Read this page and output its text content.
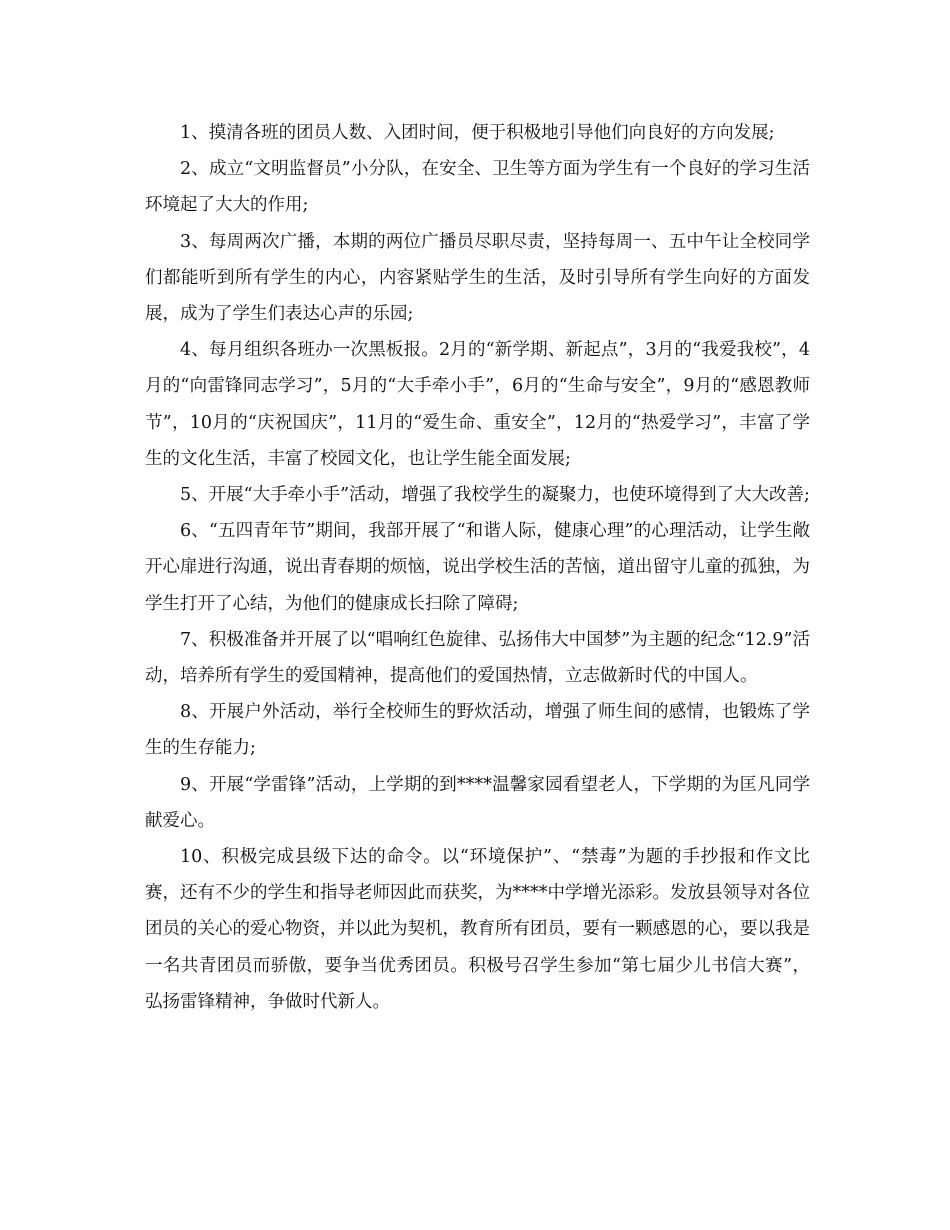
1、摸清各班的团员人数、入团时间，便于积极地引导他们向良好的方向发展;

2、成立“文明监督员”小分队，在安全、卫生等方面为学生有一个良好的学习生活环境起了大大的作用;

3、每周两次广播，本期的两位广播员尽职尽责，坚持每周一、五中午让全校同学们都能听到所有学生的内心，内容紧贴学生的生活，及时引导所有学生向好的方面发展，成为了学生们表达心声的乐园;

4、每月组织各班办一次黑板报。2月的“新学期、新起点”，3月的“我爱我校”，4月的“向雷锋同志学习”，5月的“大手牵小手”，6月的“生命与安全”，9月的“感恩教师节”，10月的“庆祝国庆”，11月的“爱生命、重安全”，12月的“热爱学习”，丰富了学生的文化生活，丰富了校园文化，也让学生能全面发展;

5、开展“大手牵小手”活动，增强了我校学生的凝聚力，也使环境得到了大大改善;

6、“五四青年节”期间，我部开展了“和谐人际，健康心理”的心理活动，让学生敞开心扉进行沟通，说出青春期的烦恼，说出学校生活的苦恼，道出留守儿童的孤独，为学生打开了心结，为他们的健康成长扫除了障碍;

7、积极准备并开展了以“唱响红色旋律、弘扬伟大中国梦”为主题的纪念“12.9”活动，培养所有学生的爱国精神，提高他们的爱国热情，立志做新时代的中国人。

8、开展户外活动，举行全校师生的野炊活动，增强了师生间的感情，也锻炼了学生的生存能力;

9、开展“学雷锋”活动，上学期的到****温馨家园看望老人，下学期的为匡凡同学献爱心。

10、积极完成县级下达的命令。以“环境保护”、“禁毒”为题的手抄报和作文比赛，还有不少的学生和指导老师因此而获奖，为****中学增光添彩。发放县领导对各位团员的关心的爱心物资，并以此为契机，教育所有团员，要有一颗感恩的心，要以我是一名共青团员而骄傲，要争当优秀团员。积极号召学生参加“第七届少儿书信大赛”，弘扬雷锋精神，争做时代新人。
